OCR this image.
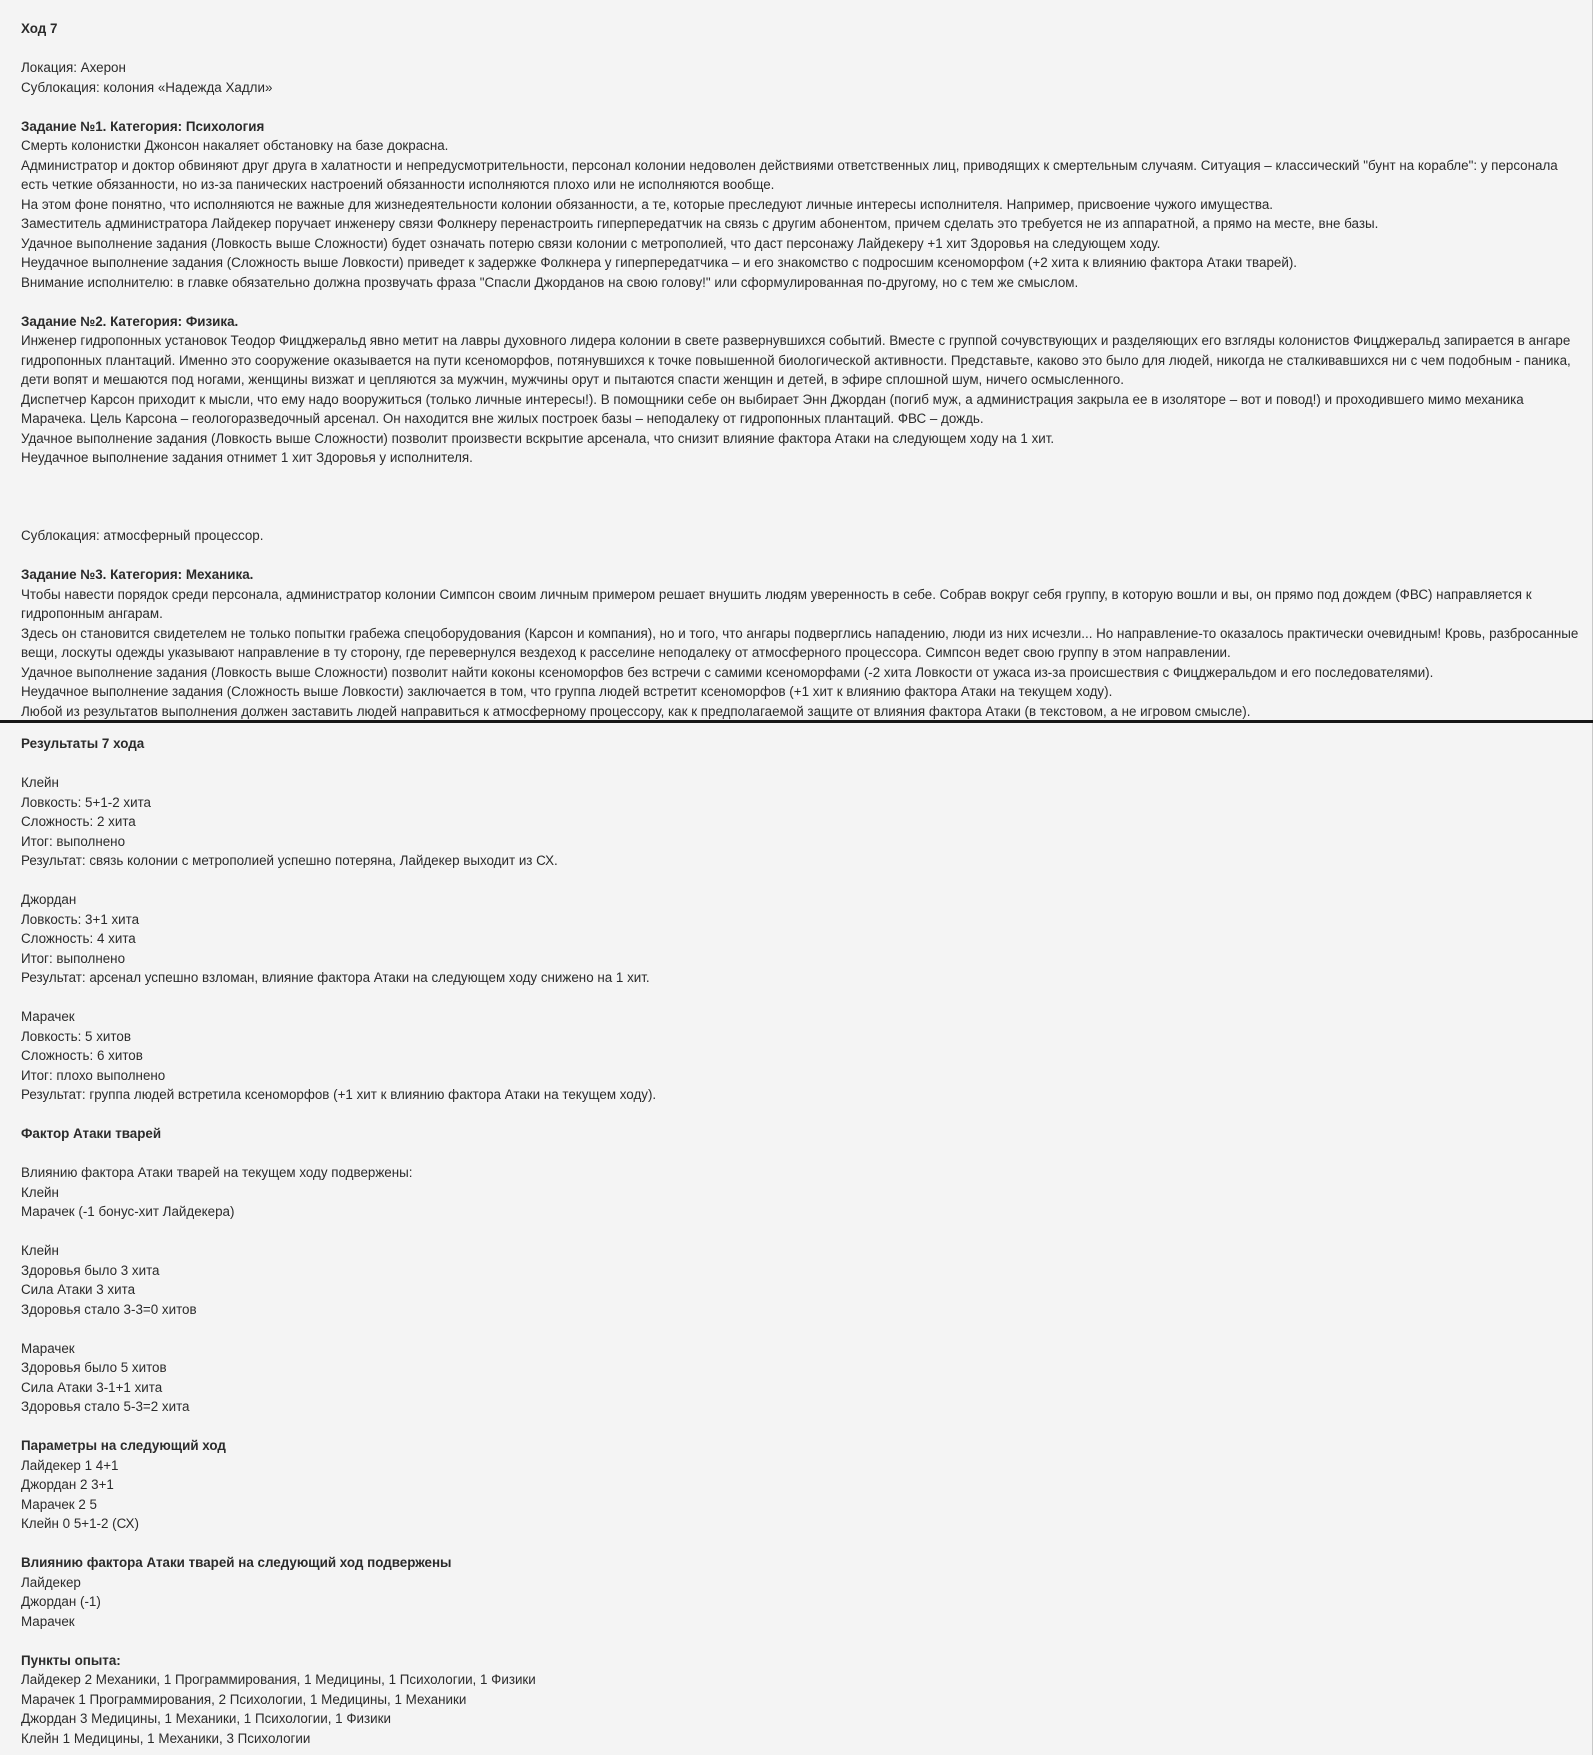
Ход 7

Локация: Ахерон

Сублокация: колония «Надежда Хадли»

Задание №1. Категория: Психология

Смерть колонистки Джонсон накаляет обстановку на базе докрасна.

Администратор и доктор обвиняют друг друга в халатности и непредусмотрительности, персонал колонии недоволен действиями ответственных лиц, приводящих к смертельным случаям. Ситуация – классический "бунт на корабле": у персонала есть четкие обязанности, но из-за панических настроений обязанности исполняются плохо или не исполняются вообще.

На этом фоне понятно, что исполняются не важные для жизнедеятельности колонии обязанности, а те, которые преследуют личные интересы исполнителя. Например, присвоение чужого имущества.

Заместитель администратора Лайдекер поручает инженеру связи Фолкнеру перенастроить гиперпередатчик на связь с другим абонентом, причем сделать это требуется не из аппаратной, а прямо на месте, вне базы.

Удачное выполнение задания (Ловкость выше Сложности) будет означать потерю связи колонии с метрополией, что даст персонажу Лайдекеру +1 хит Здоровья на следующем ходу.

Неудачное выполнение задания (Сложность выше Ловкости) приведет к задержке Фолкнера у гиперпередатчика – и его знакомство с подросшим ксеноморфом (+2 хита к влиянию фактора Атаки тварей).

Внимание исполнителю: в главке обязательно должна прозвучать фраза "Спасли Джорданов на свою голову!" или сформулированная по-другому, но с тем же смыслом.

Задание №2. Категория: Физика.

Инженер гидропонных установок Теодор Фицджеральд явно метит на лавры духовного лидера колонии в свете развернувшихся событий. Вместе с группой сочувствующих и разделяющих его взгляды колонистов Фицджеральд запирается в ангаре гидропонных плантаций. Именно это сооружение оказывается на пути ксеноморфов, потянувшихся к точке повышенной биологической активности. Представьте, каково это было для людей, никогда не сталкивавшихся ни с чем подобным - паника, дети вопят и мешаются под ногами, женщины визжат и цепляются за мужчин, мужчины орут и пытаются спасти женщин и детей, в эфире сплошной шум, ничего осмысленного.

Диспетчер Карсон приходит к мысли, что ему надо вооружиться (только личные интересы!). В помощники себе он выбирает Энн Джордан (погиб муж, а администрация закрыла ее в изоляторе – вот и повод!) и проходившего мимо механика Марачека. Цель Карсона – геологоразведочный арсенал. Он находится вне жилых построек базы – неподалеку от гидропонных плантаций. ФВС – дождь.

Удачное выполнение задания (Ловкость выше Сложности) позволит произвести вскрытие арсенала, что снизит влияние фактора Атаки на следующем ходу на 1 хит.

Неудачное выполнение задания отнимет 1 хит Здоровья у исполнителя.

Сублокация: атмосферный процессор.

Задание №3. Категория: Механика.

Чтобы навести порядок среди персонала, администратор колонии Симпсон своим личным примером решает внушить людям уверенность в себе. Собрав вокруг себя группу, в которую вошли и вы, он прямо под дождем (ФВС) направляется к гидропонным ангарам.

Здесь он становится свидетелем не только попытки грабежа спецоборудования (Карсон и компания), но и того, что ангары подверглись нападению, люди из них исчезли... Но направление-то оказалось практически очевидным! Кровь, разбросанные вещи, лоскуты одежды указывают направление в ту сторону, где перевернулся вездеход к расселине неподалеку от атмосферного процессора. Симпсон ведет свою группу в этом направлении.

Удачное выполнение задания (Ловкость выше Сложности) позволит найти коконы ксеноморфов без встречи с самими ксеноморфами (-2 хита Ловкости от ужаса из-за происшествия с Фицджеральдом и его последователями).

Неудачное выполнение задания (Сложность выше Ловкости) заключается в том, что группа людей встретит ксеноморфов (+1 хит к влиянию фактора Атаки на текущем ходу).

Любой из результатов выполнения должен заставить людей направиться к атмосферному процессору, как к предполагаемой защите от влияния фактора Атаки (в текстовом, а не игровом смысле).

Результаты 7 хода

Клейн

Ловкость: 5+1-2 хита

Сложность: 2 хита

Итог: выполнено

Результат: связь колонии с метрополией успешно потеряна, Лайдекер выходит из СХ.

Джордан

Ловкость: 3+1 хита

Сложность: 4 хита

Итог: выполнено

Результат: арсенал успешно взломан, влияние фактора Атаки на следующем ходу снижено на 1 хит.

Марачек

Ловкость: 5 хитов

Сложность: 6 хитов

Итог: плохо выполнено

Результат: группа людей встретила ксеноморфов (+1 хит к влиянию фактора Атаки на текущем ходу).

Фактор Атаки тварей

Влиянию фактора Атаки тварей на текущем ходу подвержены:

Клейн

Марачек (-1 бонус-хит Лайдекера)

Клейн

Здоровья было 3 хита

Сила Атаки 3 хита

Здоровья стало 3-3=0 хитов

Марачек

Здоровья было 5 хитов

Сила Атаки 3-1+1 хита

Здоровья стало 5-3=2 хита

Параметры на следующий ход

Лайдекер 1 4+1

Джордан 2 3+1

Марачек 2 5

Клейн 0 5+1-2 (СХ)

Влиянию фактора Атаки тварей на следующий ход подвержены

Лайдекер

Джордан (-1)

Марачек

Пункты опыта:

Лайдекер 2 Механики, 1 Программирования, 1 Медицины, 1 Психологии, 1 Физики

Марачек 1 Программирования, 2 Психологии, 1 Медицины, 1 Механики

Джордан 3 Медицины, 1 Механики, 1 Психологии, 1 Физики

Клейн 1 Медицины, 1 Механики, 3 Психологии
